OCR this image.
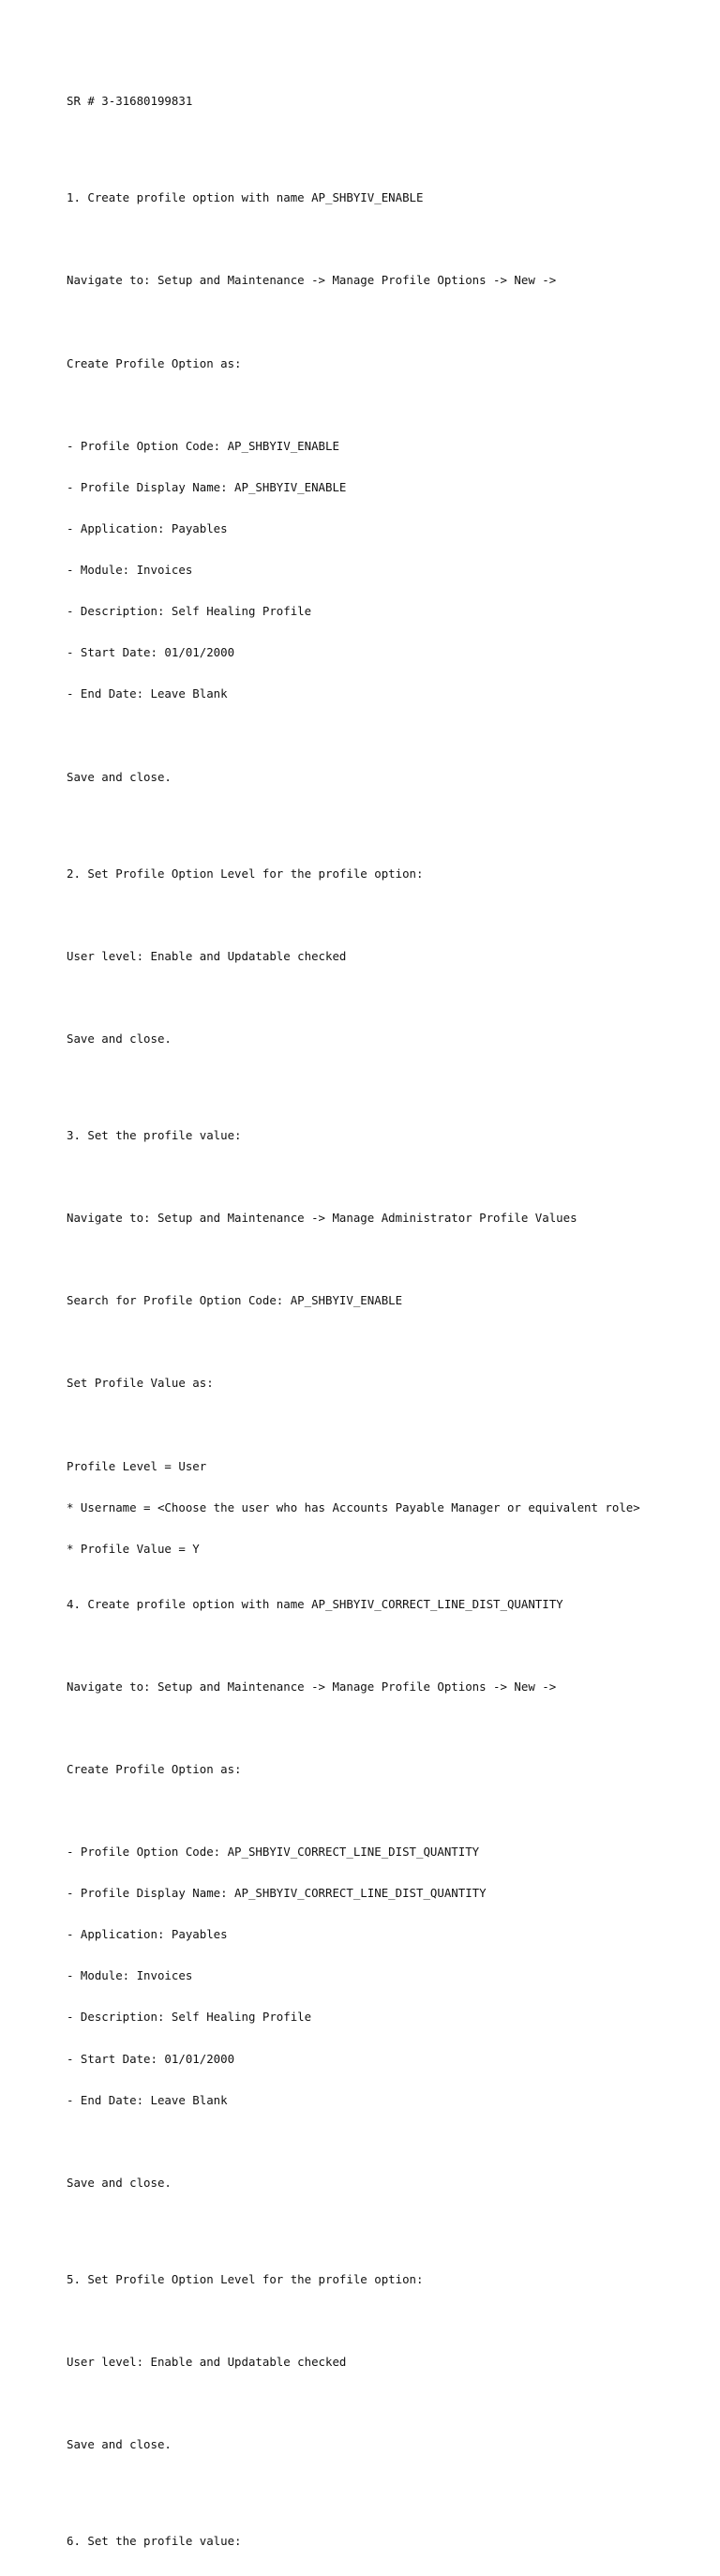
SR # 3-31680199831

1. Create profile option with name AP_SHBYIV_ENABLE

Navigate to: Setup and Maintenance -> Manage Profile Options -> New ->

Create Profile Option as:

- Profile Option Code: AP_SHBYIV_ENABLE

- Profile Display Name: AP_SHBYIV_ENABLE

- Application: Payables

- Module: Invoices

- Description: Self Healing Profile

- Start Date: 01/01/2000

- End Date: Leave Blank

Save and close.

2. Set Profile Option Level for the profile option:

User level: Enable and Updatable checked

Save and close.

3. Set the profile value:

Navigate to: Setup and Maintenance -> Manage Administrator Profile Values

Search for Profile Option Code: AP_SHBYIV_ENABLE

Set Profile Value as:

Profile Level = User

* Username = <Choose the user who has Accounts Payable Manager or equivalent role>

* Profile Value = Y

4. Create profile option with name AP_SHBYIV_CORRECT_LINE_DIST_QUANTITY

Navigate to: Setup and Maintenance -> Manage Profile Options -> New ->

Create Profile Option as:

- Profile Option Code: AP_SHBYIV_CORRECT_LINE_DIST_QUANTITY

- Profile Display Name: AP_SHBYIV_CORRECT_LINE_DIST_QUANTITY

- Application: Payables

- Module: Invoices

- Description: Self Healing Profile

- Start Date: 01/01/2000

- End Date: Leave Blank

Save and close.

5. Set Profile Option Level for the profile option:

User level: Enable and Updatable checked

Save and close.

6. Set the profile value:
